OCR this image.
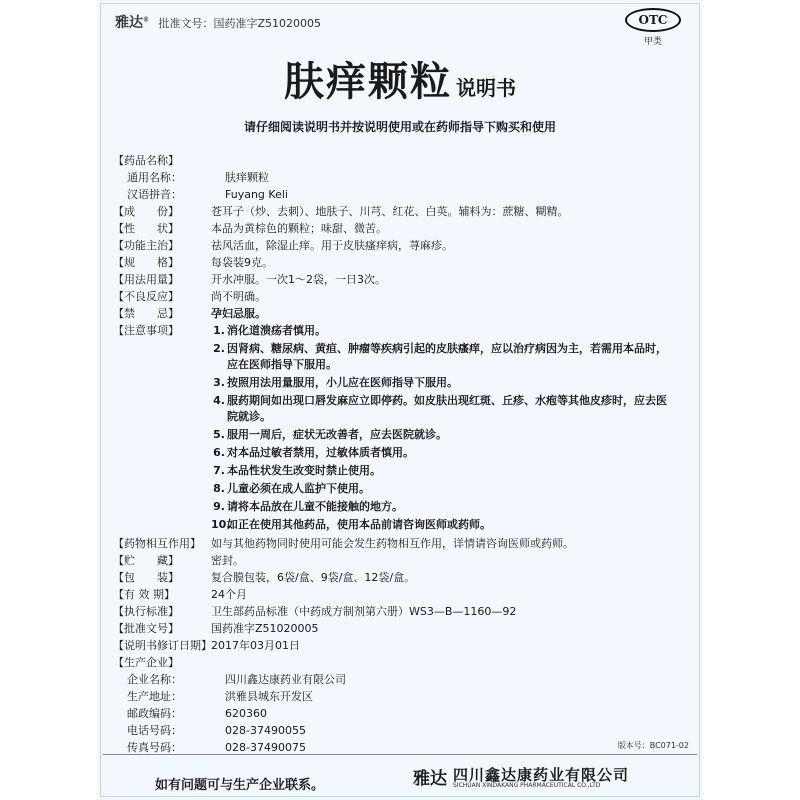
雅达® 批准文号：国药准字Z51020005	OTC
甲类
肤痒颗粒 说明书
请仔细阅读说明书并按说明使用或在药师指导下购买和使用
【药品名称】
通用名称：	肤痒颗粒
汉语拼音：	Fuyang Keli
【成　　份】	苍耳子（炒、去刺）、地肤子、川芎、红花、白英。辅料为：蔗糖、糊精。
【性　　状】	本品为黄棕色的颗粒；味甜、微苦。
【功能主治】	祛风活血，除湿止痒。用于皮肤瘙痒病，荨麻疹。
【规　　格】	每袋装9克。
【用法用量】	开水冲服。一次1～2袋，一日3次。
【不良反应】	尚不明确。
【禁　　忌】	孕妇忌服。
【注意事项】	1. 消化道溃疡者慎用。
2. 因肾病、糖尿病、黄疸、肿瘤等疾病引起的皮肤瘙痒，应以治疗病因为主，若需用本品时，应在医师指导下服用。
3. 按照用法用量服用，小儿应在医师指导下服用。
4. 服药期间如出现口唇发麻应立即停药。如皮肤出现红斑、丘疹、水疱等其他皮疹时，应去医院就诊。
5. 服用一周后，症状无改善者，应去医院就诊。
6. 对本品过敏者禁用，过敏体质者慎用。
7. 本品性状发生改变时禁止使用。
8. 儿童必须在成人监护下使用。
9. 请将本品放在儿童不能接触的地方。
10.
如正在使用其他药品，使用本品前请咨询医师或药师。
【药物相互作用】 如与其他药物同时使用可能会发生药物相互作用，详情请咨询医师或药师。
【贮　　藏】	密封。
【包　　装】	复合膜包装，6袋/盒、9袋/盒、12袋/盒。
【有 效 期】	24个月
【执行标准】	卫生部药品标准（中药成方制剂第六册）WS3—B—1160—92
【批准文号】	国药准字Z51020005
【说明书修订日期】 2017年03月01日
【生产企业】
企业名称：	四川鑫达康药业有限公司
生产地址：	洪雅县城东开发区
邮政编码：	620360
电话号码：	028-37490055
传真号码：	028-37490075	版本号：BC071-02
如有问题可与生产企业联系。	雅达 四川鑫达康药业有限公司
SICHUAN XINDAKANG PHARMACEUTICAL CO.,LTD
